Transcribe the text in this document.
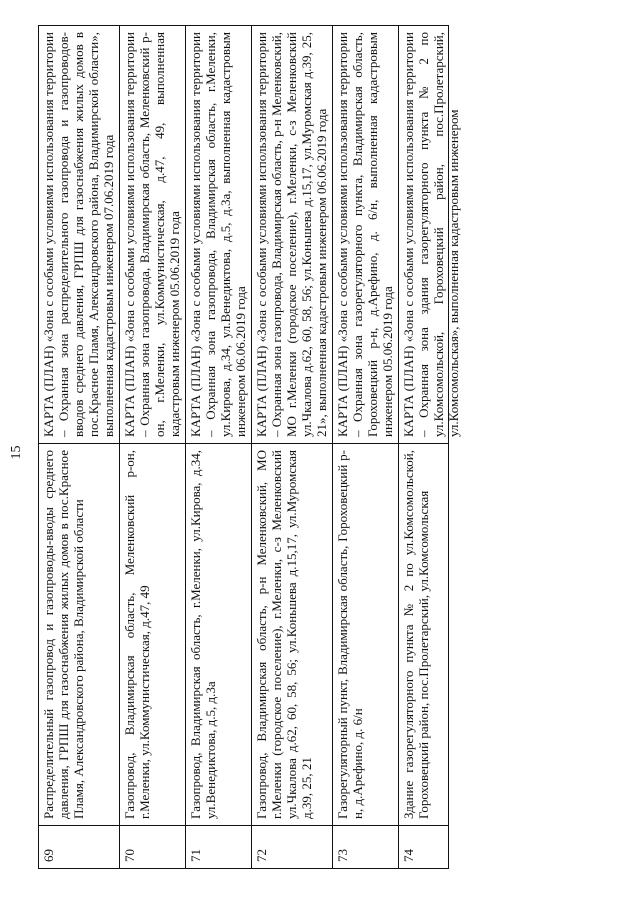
15
69	Распределительный газопровод и газопроводы-вводы среднего давления, ГРПШ для газоснабжения жилых домов в пос.Красное Пламя, Александровского района, Владимирской области	КАРТА (ПЛАН) «Зона с особыми условиями использования территории – Охранная зона распределительного газопровода и газопроводов-вводов среднего давления, ГРПШ для газоснабжения жилых домов в пос.Красное Пламя, Александровского района, Владимирской области», выполненная кадастровым инженером 07.06.2019 года
70	Газопровод, Владимирская область, Меленковский р-он, г.Меленки, ул.Коммунистическая, д.47, 49	КАРТА (ПЛАН) «Зона с особыми условиями использования территории – Охранная зона газопровода, Владимирская область, Меленковский р-он, г.Меленки, ул.Коммунистическая, д.47, 49, выполненная кадастровым инженером 05.06.2019 года
71	Газопровод, Владимирская область, г.Меленки, ул.Кирова, д.34, ул.Венедиктова, д.5, д.3а	КАРТА (ПЛАН) «Зона с особыми условиями использования территории – Охранная зона газопровода, Владимирская область, г.Меленки, ул.Кирова, д.34, ул.Венедиктова, д.5, д.3а, выполненная кадастровым инженером 06.06.2019 года
72	Газопровод, Владимирская область, р-н Меленковский, МО г.Меленки (городское поселение), г.Меленки, с-з Меленковский ул.Чкалова д.62, 60, 58, 56; ул.Коньшева д.15,17, ул.Муромская д.39, 25, 21	КАРТА (ПЛАН) «Зона с особыми условиями использования территории – Охранная зона газопровода, Владимирская область, р-н Меленковский, МО г.Меленки (городское поселение), г.Меленки, с-з Меленковский ул.Чкалова д.62, 60, 58, 56; ул.Коньшева д.15,17, ул.Муромская д.39, 25, 21», выполненная кадастровым инженером 06.06.2019 года
73	Газорегуляторный пункт, Владимирская область, Гороховецкий р-н, д.Арефино, д. 6/н	КАРТА (ПЛАН) «Зона с особыми условиями использования территории – Охранная зона газорегуляторного пункта, Владимирская область, Гороховецкий р-н, д.Арефино, д. 6/н, выполненная кадастровым инженером 05.06.2019 года
74	Здание газорегуляторного пункта № 2 по ул.Комсомольской, Гороховецкий район, пос.Пролетарский, ул.Комсомольская	КАРТА (ПЛАН) «Зона с особыми условиями использования территории – Охранная зона здания газорегуляторного пункта № 2 по ул.Комсомольской, Гороховецкий район, пос.Пролетарский, ул.Комсомольская», выполненная кадастровым инженером
